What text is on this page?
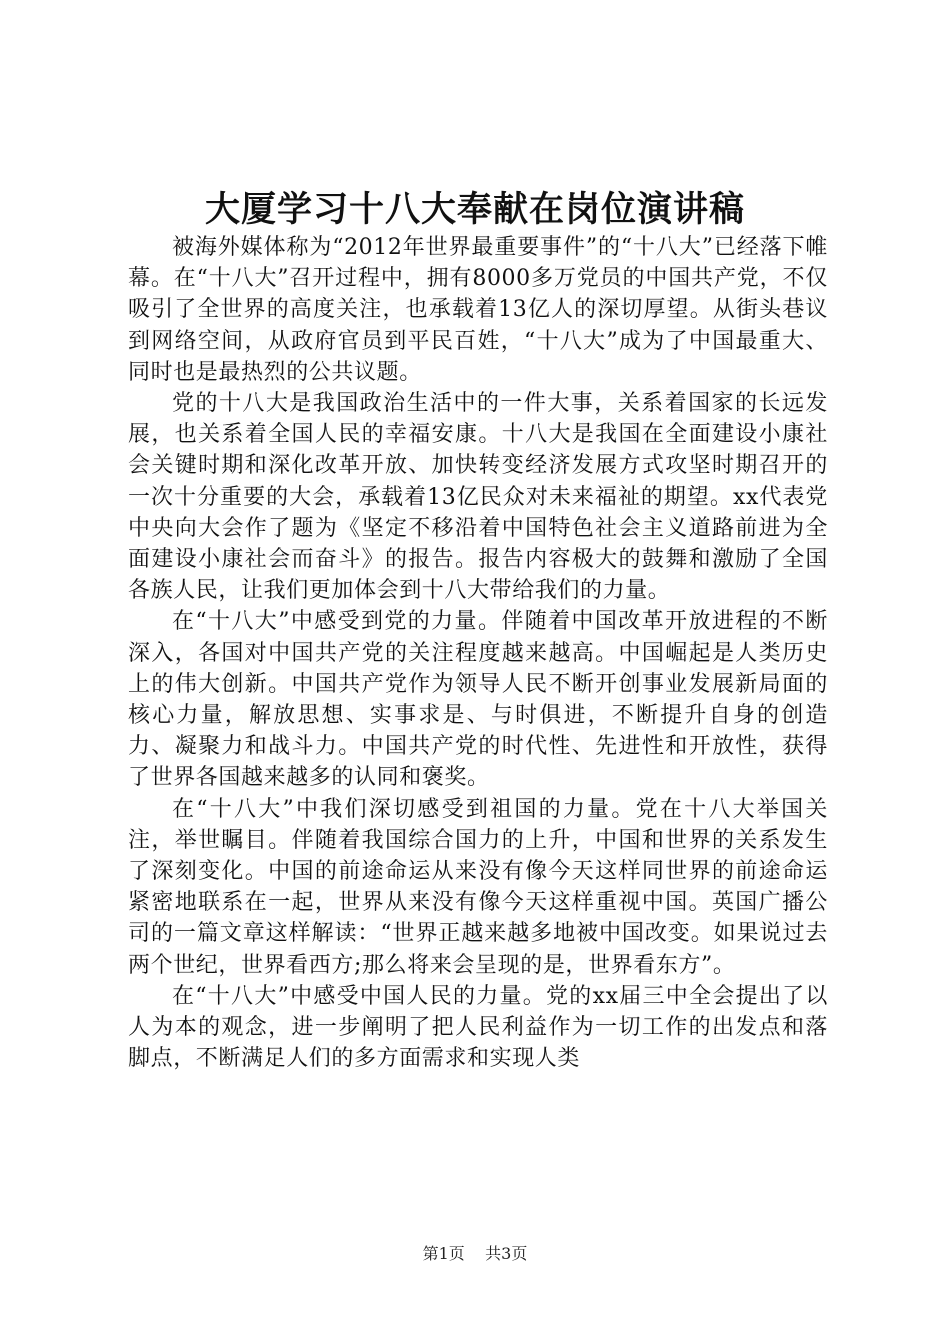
大厦学习十八大奉献在岗位演讲稿

被海外媒体称为“2012年世界最重要事件”的“十八大”已经落下帷幕。在“十八大”召开过程中，拥有8000多万党员的中国共产党，不仅吸引了全世界的高度关注，也承载着13亿人的深切厚望。从街头巷议到网络空间，从政府官员到平民百姓，“十八大”成为了中国最重大、同时也是最热烈的公共议题。

党的十八大是我国政治生活中的一件大事，关系着国家的长远发展，也关系着全国人民的幸福安康。十八大是我国在全面建设小康社会关键时期和深化改革开放、加快转变经济发展方式攻坚时期召开的一次十分重要的大会，承载着13亿民众对未来福祉的期望。xx代表党中央向大会作了题为《坚定不移沿着中国特色社会主义道路前进为全面建设小康社会而奋斗》的报告。报告内容极大的鼓舞和激励了全国各族人民，让我们更加体会到十八大带给我们的力量。

在“十八大”中感受到党的力量。伴随着中国改革开放进程的不断深入，各国对中国共产党的关注程度越来越高。中国崛起是人类历史上的伟大创新。中国共产党作为领导人民不断开创事业发展新局面的核心力量，解放思想、实事求是、与时俱进，不断提升自身的创造力、凝聚力和战斗力。中国共产党的时代性、先进性和开放性，获得了世界各国越来越多的认同和褒奖。

在“十八大”中我们深切感受到祖国的力量。党在十八大举国关注，举世瞩目。伴随着我国综合国力的上升，中国和世界的关系发生了深刻变化。中国的前途命运从来没有像今天这样同世界的前途命运紧密地联系在一起，世界从来没有像今天这样重视中国。英国广播公司的一篇文章这样解读：“世界正越来越多地被中国改变。如果说过去两个世纪，世界看西方;那么将来会呈现的是，世界看东方”。

在“十八大”中感受中国人民的力量。党的xx届三中全会提出了以人为本的观念，进一步阐明了把人民利益作为一切工作的出发点和落脚点，不断满足人们的多方面需求和实现人类

第1页 共3页
